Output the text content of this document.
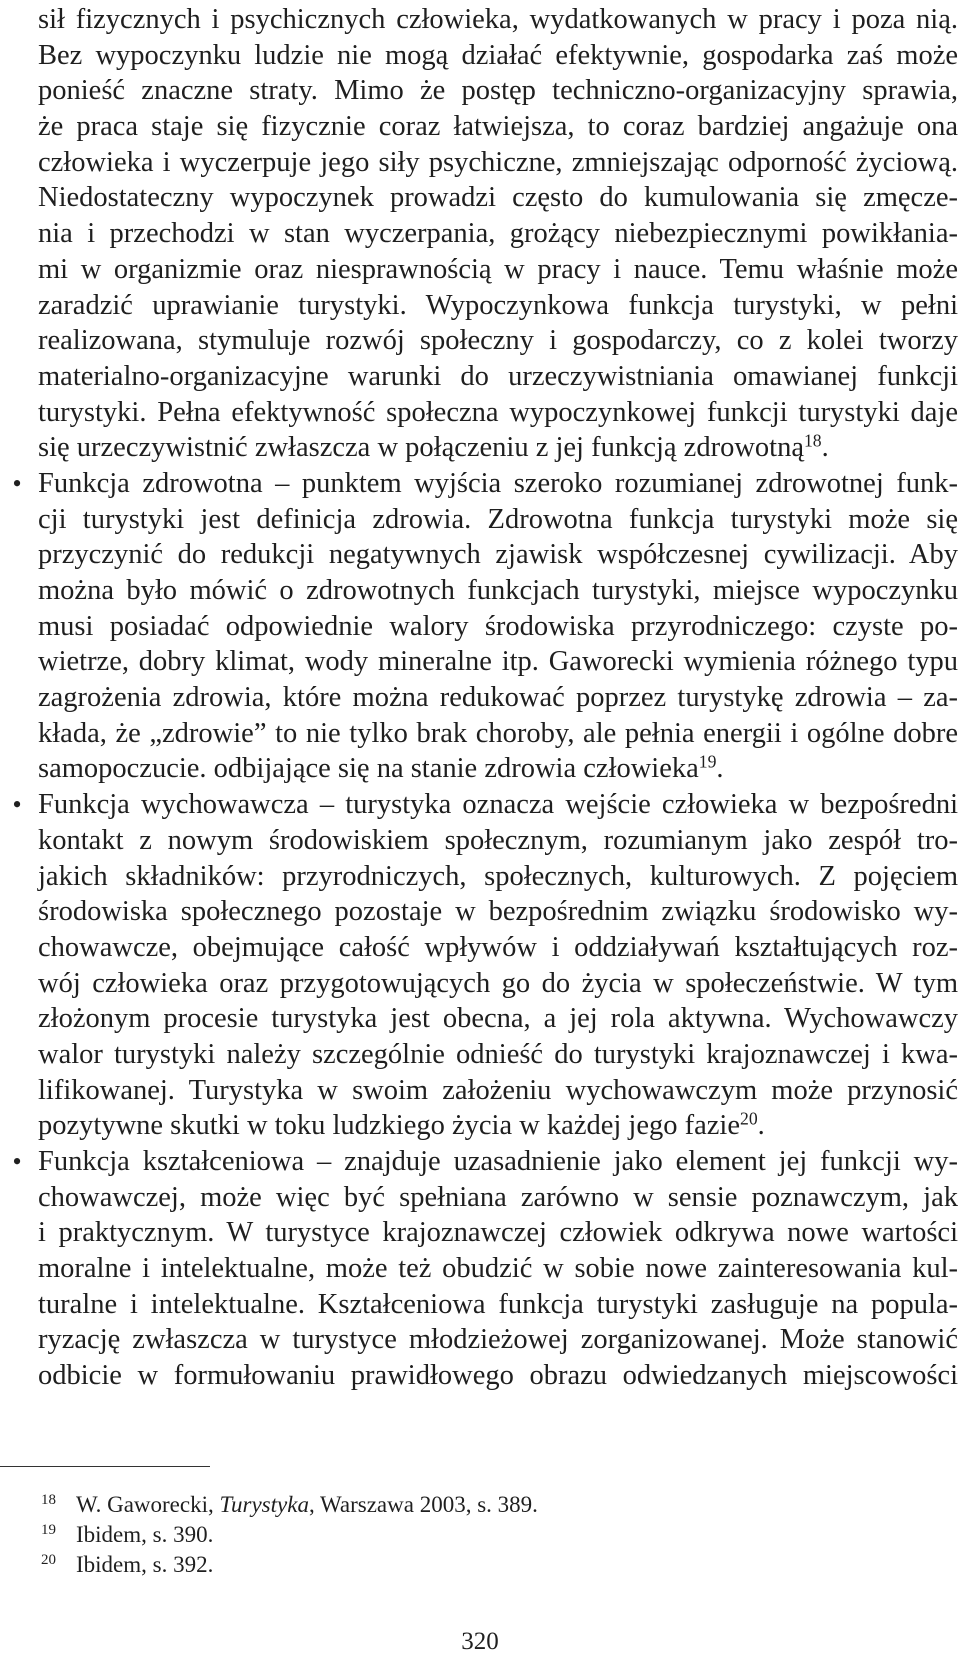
sił fizycznych i psychicznych człowieka, wydatkowanych w pracy i poza nią.
Bez wypoczynku ludzie nie mogą działać efektywnie, gospodarka zaś może
ponieść znaczne straty. Mimo że postęp techniczno-organizacyjny sprawia,
że praca staje się fizycznie coraz łatwiejsza, to coraz bardziej angażuje ona
człowieka i wyczerpuje jego siły psychiczne, zmniejszając odporność życiową.
Niedostateczny wypoczynek prowadzi często do kumulowania się zmęcze-
nia i przechodzi w stan wyczerpania, grożący niebezpiecznymi powikłania-
mi w organizmie oraz niesprawnością w pracy i nauce. Temu właśnie może
zaradzić uprawianie turystyki. Wypoczynkowa funkcja turystyki, w pełni
realizowana, stymuluje rozwój społeczny i gospodarczy, co z kolei tworzy
materialno-organizacyjne warunki do urzeczywistniania omawianej funkcji
turystyki. Pełna efektywność społeczna wypoczynkowej funkcji turystyki daje
się urzeczywistnić zwłaszcza w połączeniu z jej funkcją zdrowotną$^{18}$.
• Funkcja zdrowotna – punktem wyjścia szeroko rozumianej zdrowotnej funk-
cji turystyki jest definicja zdrowia. Zdrowotna funkcja turystyki może się
przyczynić do redukcji negatywnych zjawisk współczesnej cywilizacji. Aby
można było mówić o zdrowotnych funkcjach turystyki, miejsce wypoczynku
musi posiadać odpowiednie walory środowiska przyrodniczego: czyste po-
wietrze, dobry klimat, wody mineralne itp. Gaworecki wymienia różnego typu
zagrożenia zdrowia, które można redukować poprzez turystykę zdrowia – za-
kłada, że „zdrowie” to nie tylko brak choroby, ale pełnia energii i ogólne dobre
samopoczucie. odbijające się na stanie zdrowia człowieka$^{19}$.
• Funkcja wychowawcza – turystyka oznacza wejście człowieka w bezpośredni
kontakt z nowym środowiskiem społecznym, rozumianym jako zespół tro-
jakich składników: przyrodniczych, społecznych, kulturowych. Z pojęciem
środowiska społecznego pozostaje w bezpośrednim związku środowisko wy-
chowawcze, obejmujące całość wpływów i oddziaływań kształtujących roz-
wój człowieka oraz przygotowujących go do życia w społeczeństwie. W tym
złożonym procesie turystyka jest obecna, a jej rola aktywna. Wychowawczy
walor turystyki należy szczególnie odnieść do turystyki krajoznawczej i kwa-
lifikowanej. Turystyka w swoim założeniu wychowawczym może przynosić
pozytywne skutki w toku ludzkiego życia w każdej jego fazie$^{20}$.
• Funkcja kształceniowa – znajduje uzasadnienie jako element jej funkcji wy-
chowawczej, może więc być spełniana zarówno w sensie poznawczym, jak
i praktycznym. W turystyce krajoznawczej człowiek odkrywa nowe wartości
moralne i intelektualne, może też obudzić w sobie nowe zainteresowania kul-
turalne i intelektualne. Kształceniowa funkcja turystyki zasługuje na popula-
ryzację zwłaszcza w turystyce młodzieżowej zorganizowanej. Może stanowić
odbicie w formułowaniu prawidłowego obrazu odwiedzanych miejscowości
18 W. Gaworecki, Turystyka, Warszawa 2003, s. 389.
19 Ibidem, s. 390.
20 Ibidem, s. 392.
320
